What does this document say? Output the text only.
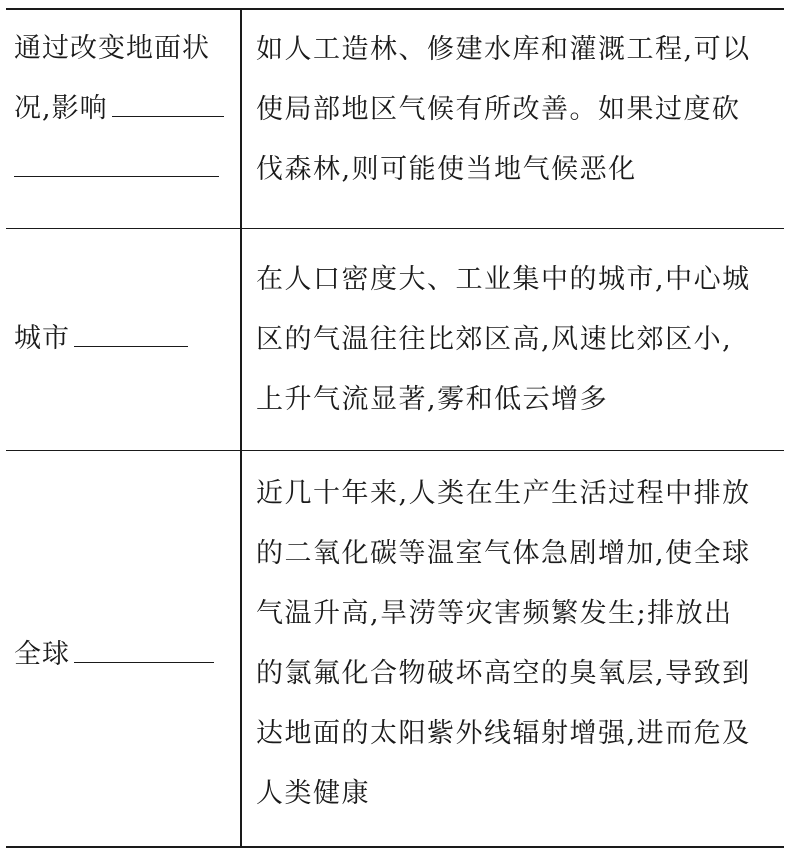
通过改变地面状
况,影响
如人工造林、修建水库和灌溉工程,可以
使局部地区气候有所改善。如果过度砍
伐森林,则可能使当地气候恶化
城市
在人口密度大、工业集中的城市,中心城
区的气温往往比郊区高,风速比郊区小,
上升气流显著,雾和低云增多
全球
近几十年来,人类在生产生活过程中排放
的二氧化碳等温室气体急剧增加,使全球
气温升高,旱涝等灾害频繁发生;排放出
的氯氟化合物破坏高空的臭氧层,导致到
达地面的太阳紫外线辐射增强,进而危及
人类健康
